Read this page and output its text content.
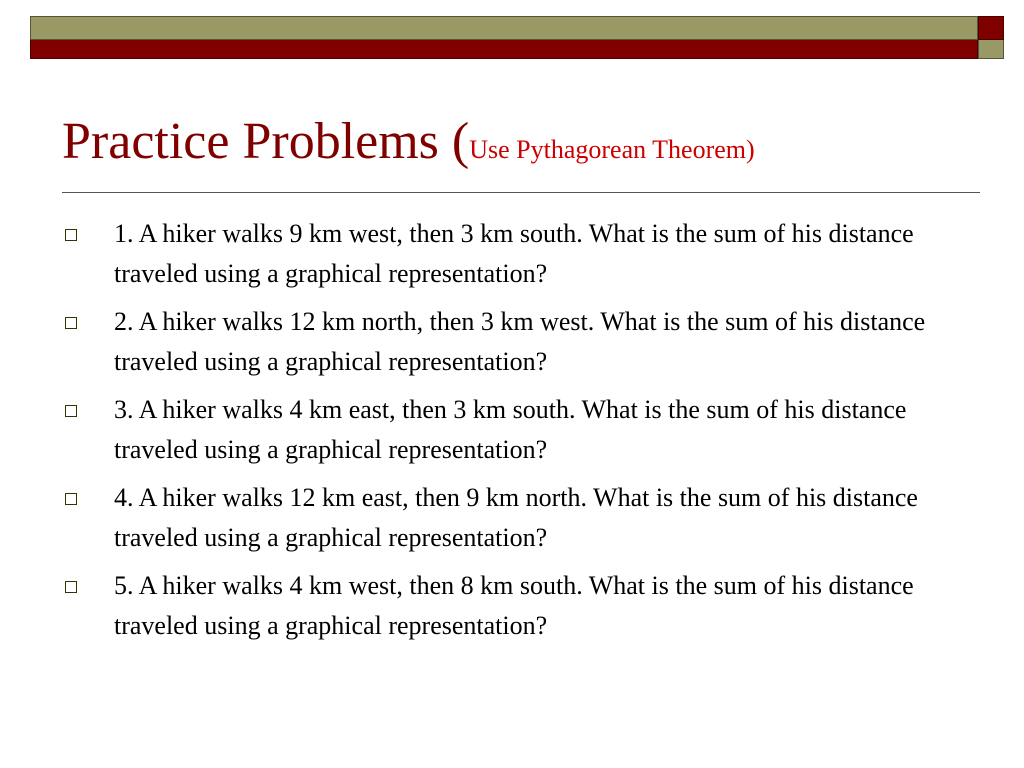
Practice Problems (Use Pythagorean Theorem)
1. A hiker walks 9 km west, then 3 km south. What is the sum of his distance traveled using a graphical representation?
2. A hiker walks 12 km north, then 3 km west. What is the sum of his distance traveled using a graphical representation?
3. A hiker walks 4 km east, then 3 km south. What is the sum of his distance traveled using a graphical representation?
4. A hiker walks 12 km east, then 9 km north. What is the sum of his distance traveled using a graphical representation?
5. A hiker walks 4 km west, then 8 km south. What is the sum of his distance traveled using a graphical representation?
